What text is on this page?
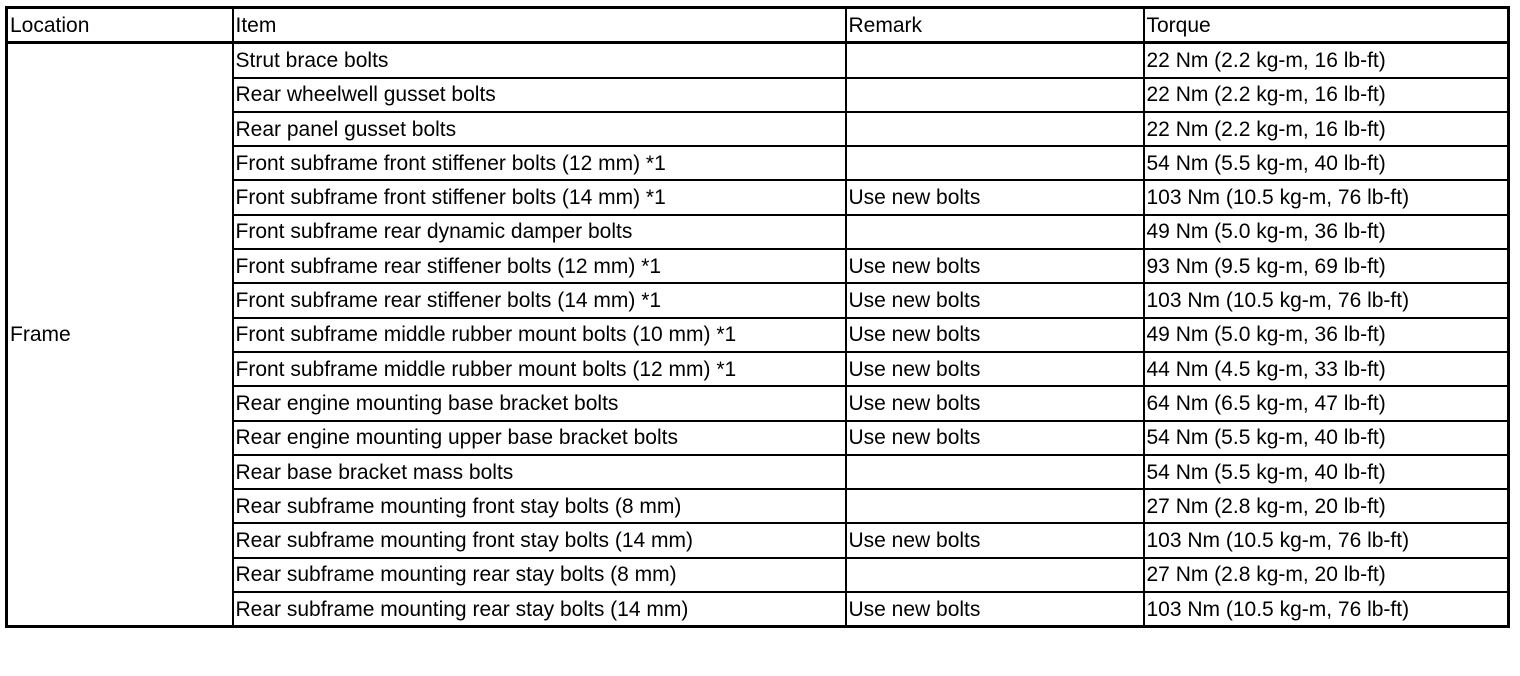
Location	Item	Remark	Torque
Frame	Strut brace bolts		22 Nm (2.2 kg-m, 16 lb-ft)
	Rear wheelwell gusset bolts		22 Nm (2.2 kg-m, 16 lb-ft)
	Rear panel gusset bolts		22 Nm (2.2 kg-m, 16 lb-ft)
	Front subframe front stiffener bolts (12 mm) *1		54 Nm (5.5 kg-m, 40 lb-ft)
	Front subframe front stiffener bolts (14 mm) *1	Use new bolts	103 Nm (10.5 kg-m, 76 lb-ft)
	Front subframe rear dynamic damper bolts		49 Nm (5.0 kg-m, 36 lb-ft)
	Front subframe rear stiffener bolts (12 mm) *1	Use new bolts	93 Nm (9.5 kg-m, 69 lb-ft)
	Front subframe rear stiffener bolts (14 mm) *1	Use new bolts	103 Nm (10.5 kg-m, 76 lb-ft)
	Front subframe middle rubber mount bolts (10 mm) *1	Use new bolts	49 Nm (5.0 kg-m, 36 lb-ft)
	Front subframe middle rubber mount bolts (12 mm) *1	Use new bolts	44 Nm (4.5 kg-m, 33 lb-ft)
	Rear engine mounting base bracket bolts	Use new bolts	64 Nm (6.5 kg-m, 47 lb-ft)
	Rear engine mounting upper base bracket bolts	Use new bolts	54 Nm (5.5 kg-m, 40 lb-ft)
	Rear base bracket mass bolts		54 Nm (5.5 kg-m, 40 lb-ft)
	Rear subframe mounting front stay bolts (8 mm)		27 Nm (2.8 kg-m, 20 lb-ft)
	Rear subframe mounting front stay bolts (14 mm)	Use new bolts	103 Nm (10.5 kg-m, 76 lb-ft)
	Rear subframe mounting rear stay bolts (8 mm)		27 Nm (2.8 kg-m, 20 lb-ft)
	Rear subframe mounting rear stay bolts (14 mm)	Use new bolts	103 Nm (10.5 kg-m, 76 lb-ft)
